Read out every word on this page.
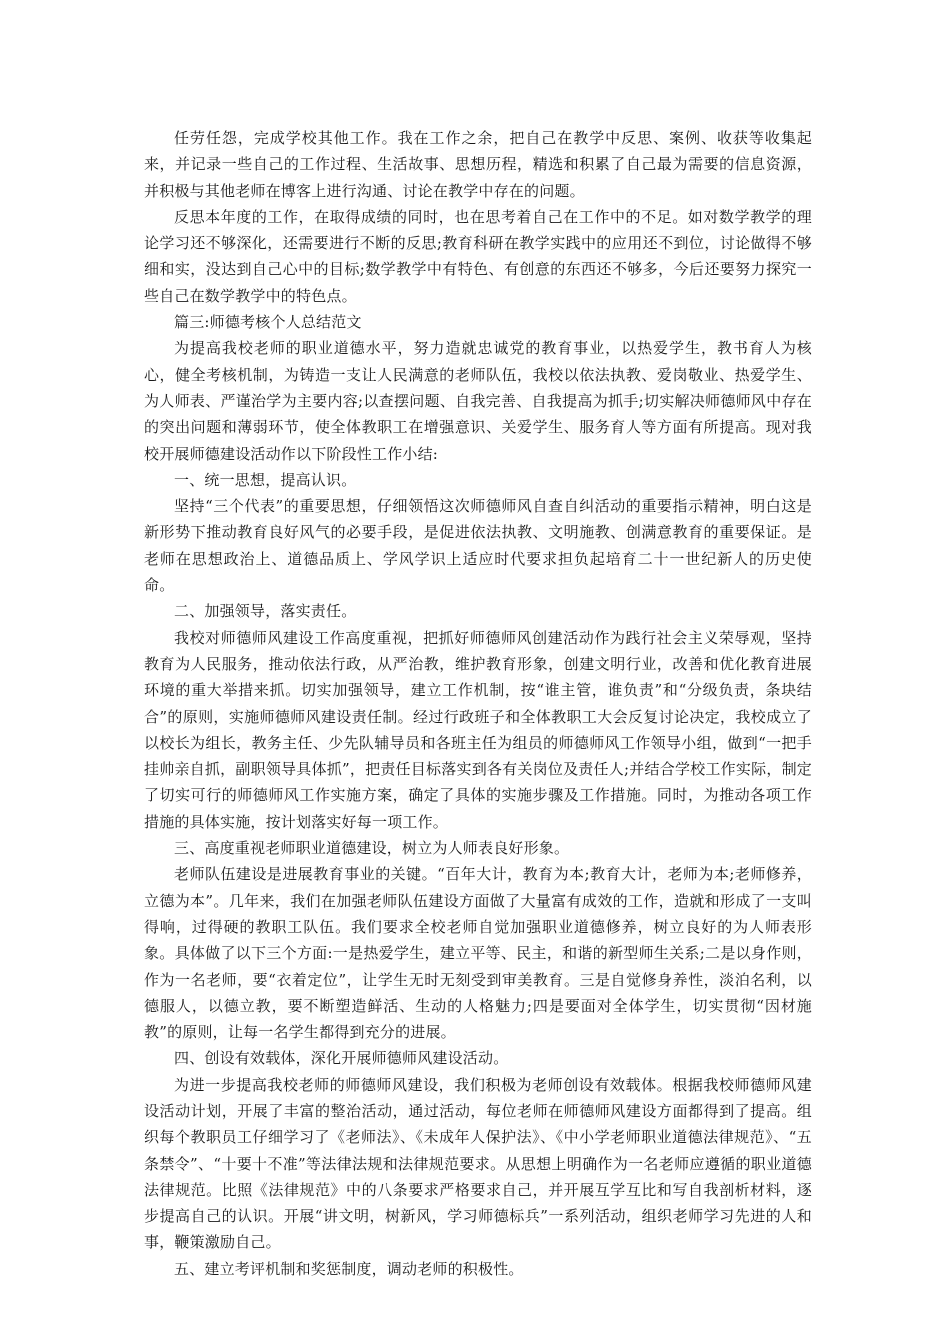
任劳任怨，完成学校其他工作。我在工作之余，把自己在教学中反思、案例、收获等收集起来，并记录一些自己的工作过程、生活故事、思想历程，精选和积累了自己最为需要的信息资源，并积极与其他老师在博客上进行沟通、讨论在教学中存在的问题。

反思本年度的工作，在取得成绩的同时，也在思考着自己在工作中的不足。如对数学教学的理论学习还不够深化，还需要进行不断的反思;教育科研在教学实践中的应用还不到位，讨论做得不够细和实，没达到自己心中的目标;数学教学中有特色、有创意的东西还不够多，今后还要努力探究一些自己在数学教学中的特色点。

篇三:师德考核个人总结范文

为提高我校老师的职业道德水平，努力造就忠诚党的教育事业，以热爱学生，教书育人为核心，健全考核机制，为铸造一支让人民满意的老师队伍，我校以依法执教、爱岗敬业、热爱学生、为人师表、严谨治学为主要内容;以查摆问题、自我完善、自我提高为抓手;切实解决师德师风中存在的突出问题和薄弱环节，使全体教职工在增强意识、关爱学生、服务育人等方面有所提高。现对我校开展师德建设活动作以下阶段性工作小结:

一、统一思想，提高认识。

坚持“三个代表”的重要思想，仔细领悟这次师德师风自查自纠活动的重要指示精神，明白这是新形势下推动教育良好风气的必要手段，是促进依法执教、文明施教、创满意教育的重要保证。是老师在思想政治上、道德品质上、学风学识上适应时代要求担负起培育二十一世纪新人的历史使命。

二、加强领导，落实责任。

我校对师德师风建设工作高度重视，把抓好师德师风创建活动作为践行社会主义荣辱观，坚持教育为人民服务，推动依法行政，从严治教，维护教育形象，创建文明行业，改善和优化教育进展环境的重大举措来抓。切实加强领导，建立工作机制，按“谁主管，谁负责”和“分级负责，条块结合”的原则，实施师德师风建设责任制。经过行政班子和全体教职工大会反复讨论决定，我校成立了以校长为组长，教务主任、少先队辅导员和各班主任为组员的师德师风工作领导小组，做到“一把手挂帅亲自抓，副职领导具体抓”，把责任目标落实到各有关岗位及责任人;并结合学校工作实际，制定了切实可行的师德师风工作实施方案，确定了具体的实施步骤及工作措施。同时，为推动各项工作措施的具体实施，按计划落实好每一项工作。

三、高度重视老师职业道德建设，树立为人师表良好形象。

老师队伍建设是进展教育事业的关键。“百年大计，教育为本;教育大计，老师为本;老师修养，立德为本”。几年来，我们在加强老师队伍建设方面做了大量富有成效的工作，造就和形成了一支叫得响，过得硬的教职工队伍。我们要求全校老师自觉加强职业道德修养，树立良好的为人师表形象。具体做了以下三个方面:一是热爱学生，建立平等、民主，和谐的新型师生关系;二是以身作则，作为一名老师，要“衣着定位”，让学生无时无刻受到审美教育。三是自觉修身养性，淡泊名利，以德服人，以德立教，要不断塑造鲜活、生动的人格魅力;四是要面对全体学生，切实贯彻“因材施教”的原则，让每一名学生都得到充分的进展。

四、创设有效载体，深化开展师德师风建设活动。

为进一步提高我校老师的师德师风建设，我们积极为老师创设有效载体。根据我校师德师风建设活动计划，开展了丰富的整治活动，通过活动，每位老师在师德师风建设方面都得到了提高。组织每个教职员工仔细学习了《老师法》、《未成年人保护法》、《中小学老师职业道德法律规范》、“五条禁令”、“十要十不准”等法律法规和法律规范要求。从思想上明确作为一名老师应遵循的职业道德法律规范。比照《法律规范》中的八条要求严格要求自己，并开展互学互比和写自我剖析材料，逐步提高自己的认识。开展“讲文明，树新风，学习师德标兵”一系列活动，组织老师学习先进的人和事，鞭策激励自己。

五、建立考评机制和奖惩制度，调动老师的积极性。
